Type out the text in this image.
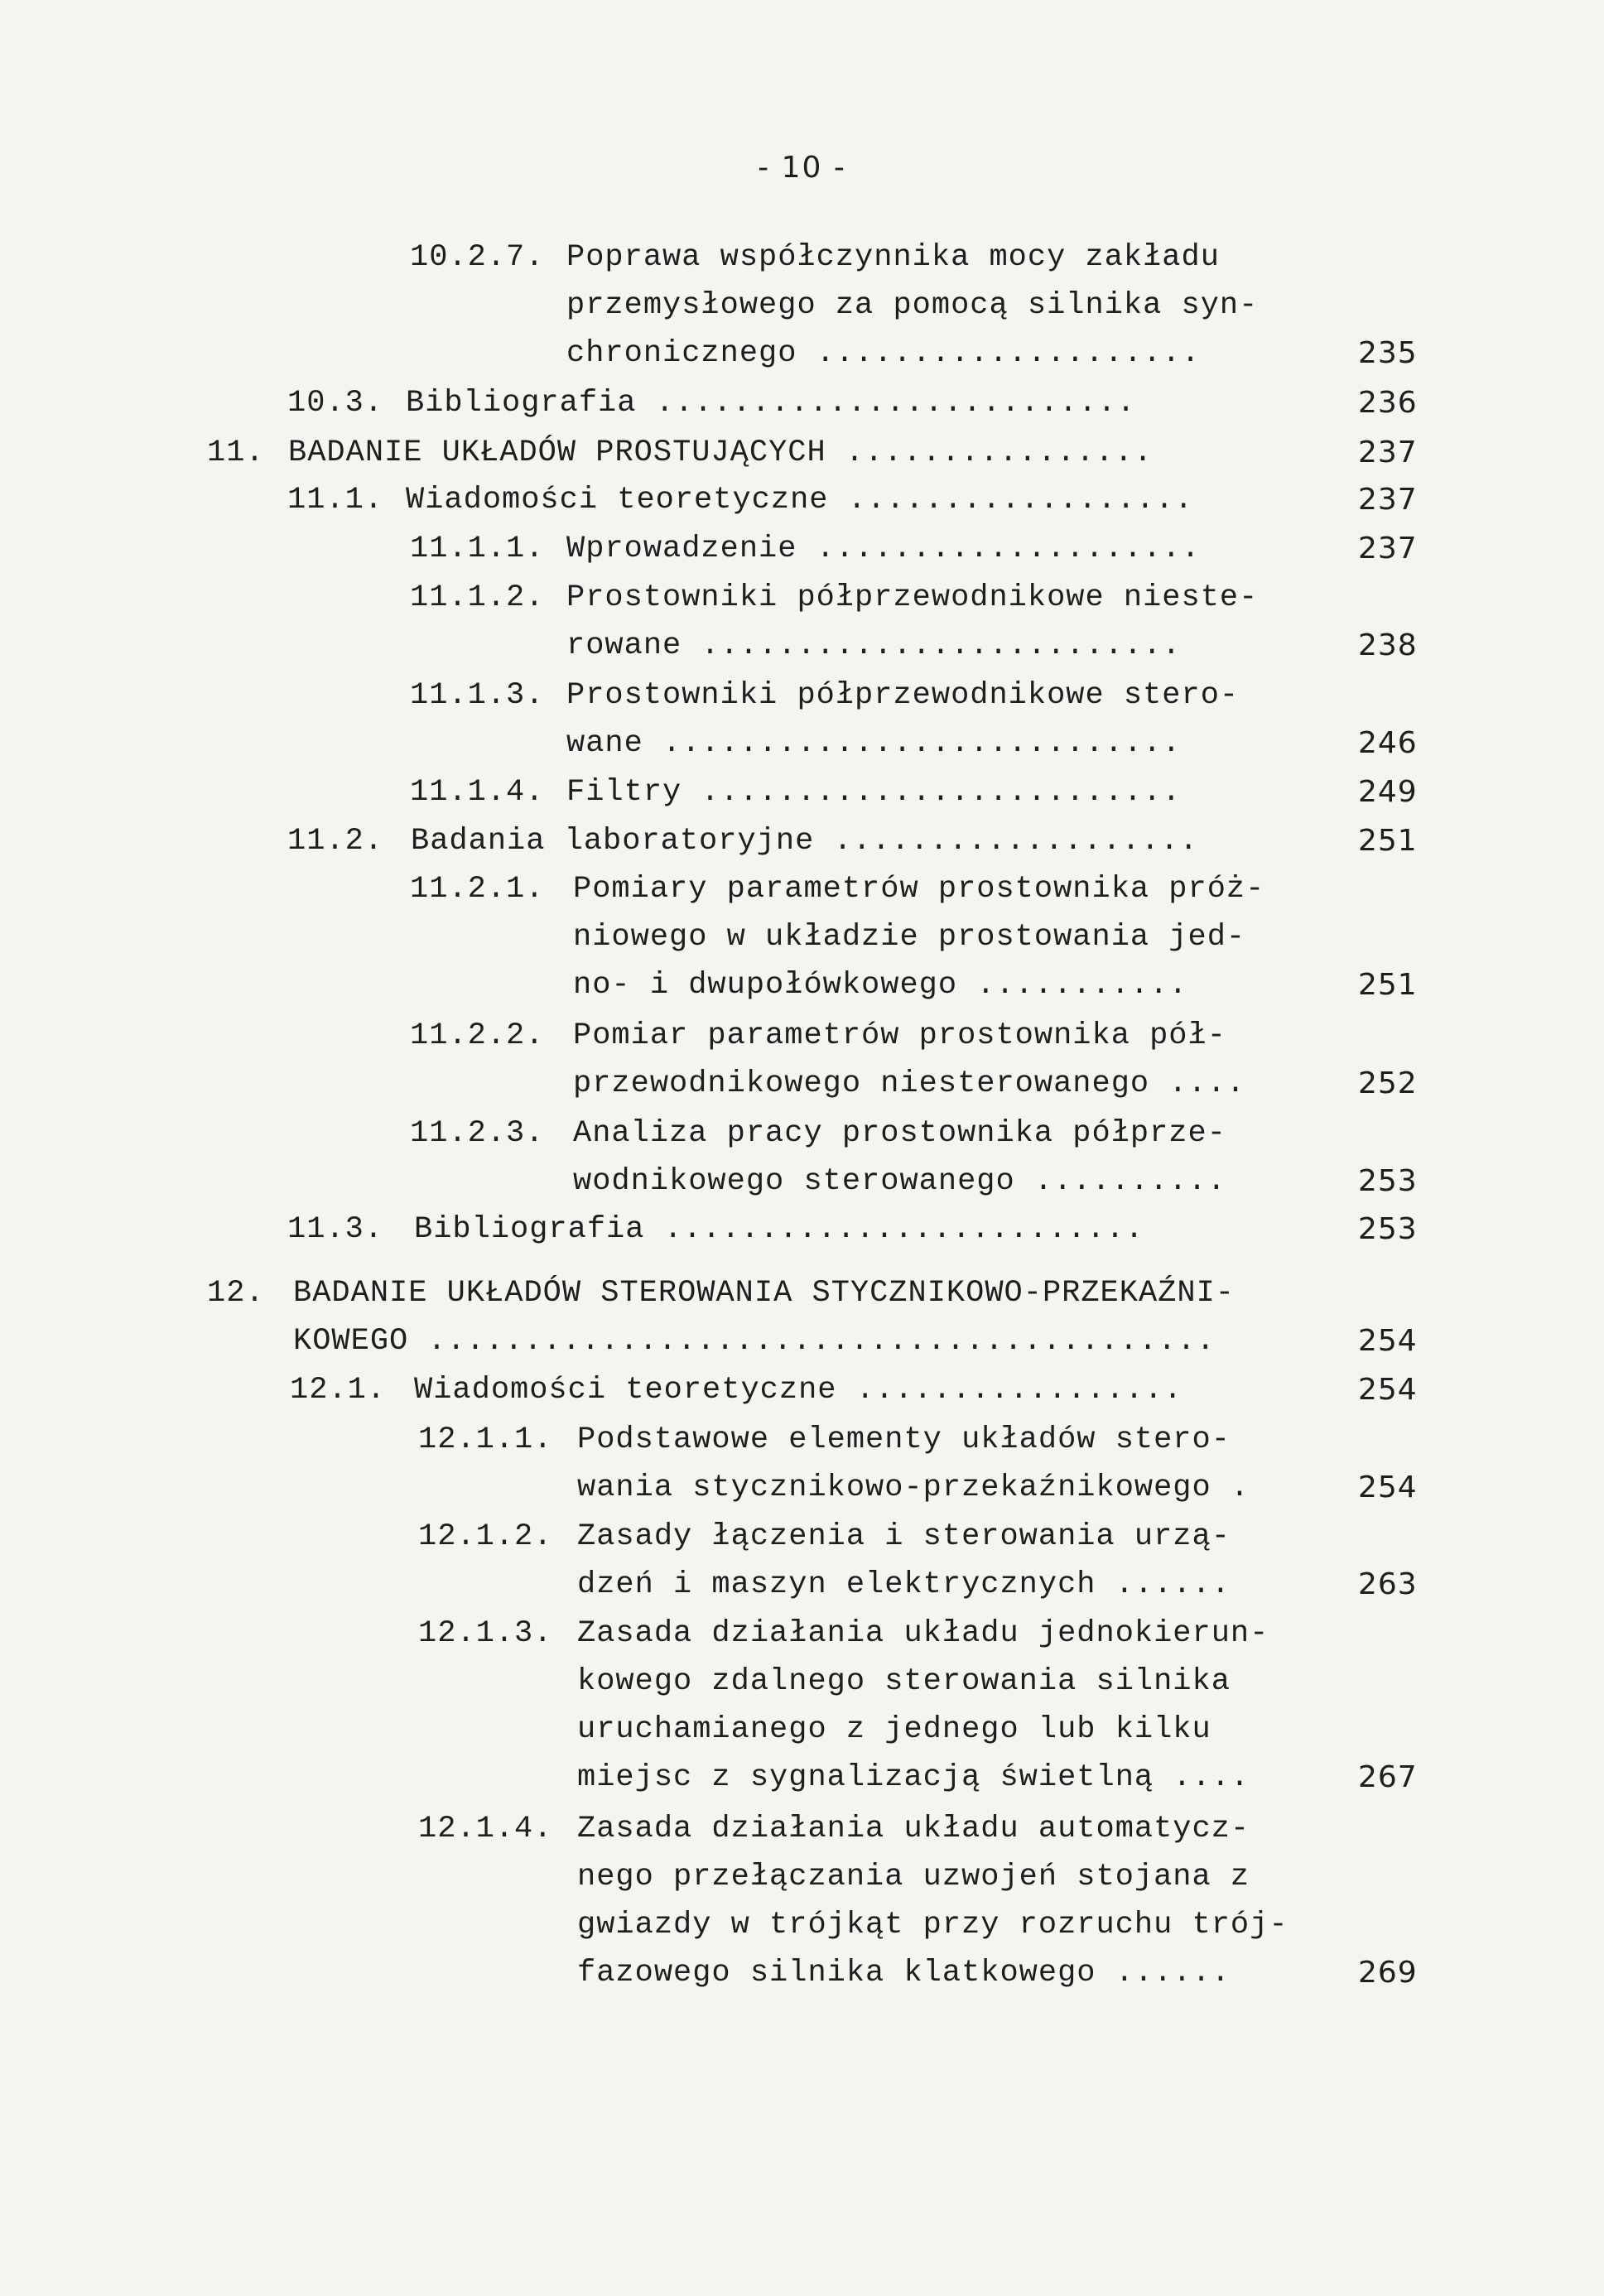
- 10 -
10.2.7. Poprawa współczynnika mocy zakładu
przemysłowego za pomocą silnika syn-
chronicznego ....................	235
10.3. Bibliografia .........................	236
11. BADANIE UKŁADÓW PROSTUJĄCYCH ................	237
11.1. Wiadomości teoretyczne ..................	237
11.1.1. Wprowadzenie ....................	237
11.1.2. Prostowniki półprzewodnikowe nieste-
rowane .........................	238
11.1.3. Prostowniki półprzewodnikowe stero-
wane ...........................	246
11.1.4. Filtry .........................	249
11.2. Badania laboratoryjne ...................	251
11.2.1. Pomiary parametrów prostownika próż-
niowego w układzie prostowania jed-
no- i dwupołówkowego ...........	251
11.2.2. Pomiar parametrów prostownika pół-
przewodnikowego niesterowanego ....	252
11.2.3. Analiza pracy prostownika półprze-
wodnikowego sterowanego ..........	253
11.3. Bibliografia .........................	253
12. BADANIE UKŁADÓW STEROWANIA STYCZNIKOWO-PRZEKAŹNI-
KOWEGO .........................................	254
12.1. Wiadomości teoretyczne .................	254
12.1.1. Podstawowe elementy układów stero-
wania stycznikowo-przekaźnikowego .	254
12.1.2. Zasady łączenia i sterowania urzą-
dzeń i maszyn elektrycznych ......	263
12.1.3. Zasada działania układu jednokierun-
kowego zdalnego sterowania silnika
uruchamianego z jednego lub kilku
miejsc z sygnalizacją świetlną ....	267
12.1.4. Zasada działania układu automatycz-
nego przełączania uzwojeń stojana z
gwiazdy w trójkąt przy rozruchu trój-
fazowego silnika klatkowego ......	269
